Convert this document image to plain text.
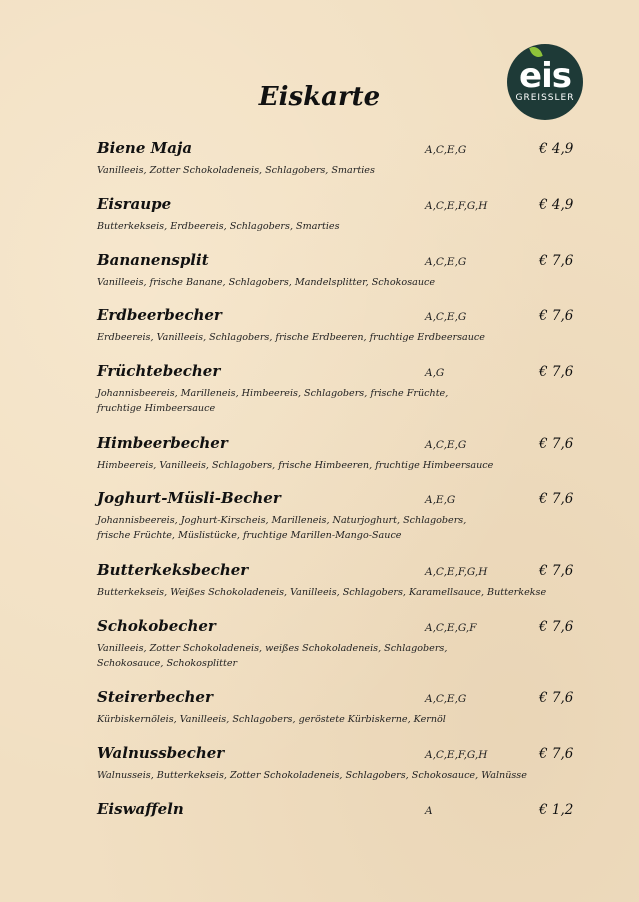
eis
GREISSLER
Eiskarte
Biene Maja	A,C,E,G	€ 4,9
Vanilleeis, Zotter Schokoladeneis, Schlagobers, Smarties
Eisraupe	A,C,E,F,G,H	€ 4,9
Butterkekseis, Erdbeereis, Schlagobers, Smarties
Bananensplit	A,C,E,G	€ 7,6
Vanilleeis, frische Banane, Schlagobers, Mandelsplitter, Schokosauce
Erdbeerbecher	A,C,E,G	€ 7,6
Erdbeereis, Vanilleeis, Schlagobers, frische Erdbeeren, fruchtige Erdbeersauce
Früchtebecher	A,G	€ 7,6
Johannisbeereis, Marilleneis, Himbeereis, Schlagobers, frische Früchte, fruchtige Himbeersauce
Himbeerbecher	A,C,E,G	€ 7,6
Himbeereis, Vanilleeis, Schlagobers, frische Himbeeren, fruchtige Himbeersauce
Joghurt-Müsli-Becher	A,E,G	€ 7,6
Johannisbeereis, Joghurt-Kirscheis, Marilleneis, Naturjoghurt, Schlagobers, frische Früchte, Müslistücke, fruchtige Marillen-Mango-Sauce
Butterkeksbecher	A,C,E,F,G,H	€ 7,6
Butterkekseis, Weißes Schokoladeneis, Vanilleeis, Schlagobers, Karamellsauce, Butterkekse
Schokobecher	A,C,E,G,F	€ 7,6
Vanilleeis, Zotter Schokoladeneis, weißes Schokoladeneis, Schlagobers, Schokosauce, Schokosplitter
Steirerbecher	A,C,E,G	€ 7,6
Kürbiskernöleis, Vanilleeis, Schlagobers, geröstete Kürbiskerne, Kernöl
Walnussbecher	A,C,E,F,G,H	€ 7,6
Walnusseis, Butterkekseis, Zotter Schokoladeneis, Schlagobers, Schokosauce, Walnüsse
Eiswaffeln	A	€ 1,2
